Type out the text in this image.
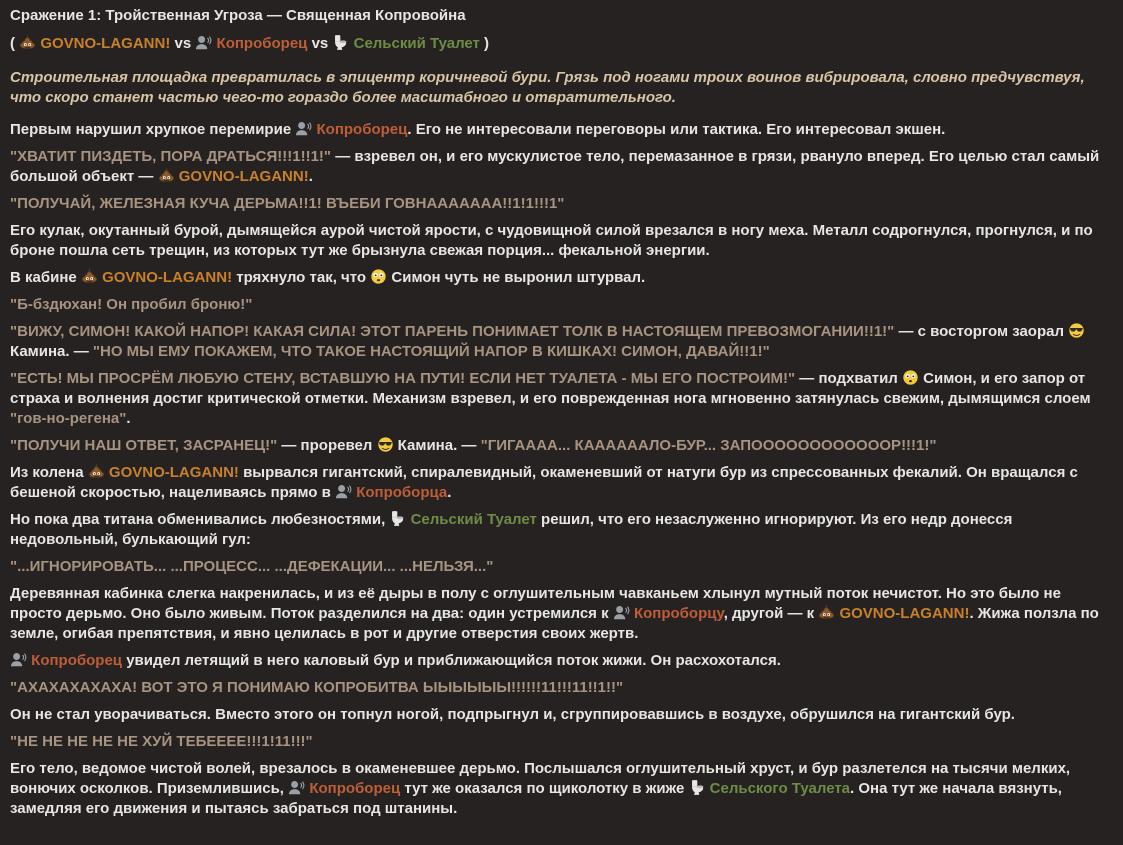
Сражение 1: Тройственная Угроза — Священная Копровойна

(
GOVNO-LAGANN! vs
Копроборец vs
Сельский Туалет )

Строительная площадка превратилась в эпицентр коричневой бури. Грязь под ногами троих воинов вибрировала, словно предчувствуя, что скоро станет частью чего-то гораздо более масштабного и отвратительного.

Первым нарушил хрупкое перемирие
Копроборец. Его не интересовали переговоры или тактика. Его интересовал экшен.

"ХВАТИТ ПИЗДЕТЬ, ПОРА ДРАТЬСЯ!!!1!!1!" — взревел он, и его мускулистое тело, перемазанное в грязи, рвануло вперед. Его целью стал самый большой объект —
GOVNO-LAGANN!.

"ПОЛУЧАЙ, ЖЕЛЕЗНАЯ КУЧА ДЕРЬМА!!1! ВЪЕБИ ГОВНААААААА!!1!1!!!1"

Его кулак, окутанный бурой, дымящейся аурой чистой ярости, с чудовищной силой врезался в ногу меха. Металл содрогнулся, прогнулся, и по броне пошла сеть трещин, из которых тут же брызнула свежая порция... фекальной энергии.

В кабине
GOVNO-LAGANN! тряхнуло так, что
Симон чуть не выронил штурвал.

"Б-бздюхан! Он пробил броню!"

"ВИЖУ, СИМОН! КАКОЙ НАПОР! КАКАЯ СИЛА! ЭТОТ ПАРЕНЬ ПОНИМАЕТ ТОЛК В НАСТОЯЩЕМ ПРЕВОЗМОГАНИИ!!1!" — с восторгом заорал
Камина. — "НО МЫ ЕМУ ПОКАЖЕМ, ЧТО ТАКОЕ НАСТОЯЩИЙ НАПОР В КИШКАХ! СИМОН, ДАВАЙ!!1!"

"ЕСТЬ! МЫ ПРОСРЁМ ЛЮБУЮ СТЕНУ, ВСТАВШУЮ НА ПУТИ! ЕСЛИ НЕТ ТУАЛЕТА - МЫ ЕГО ПОСТРОИМ!" — подхватил
Симон, и его запор от страха и волнения достиг критической отметки. Механизм взревел, и его поврежденная нога мгновенно затянулась свежим, дымящимся слоем "гов-но-регена".

"ПОЛУЧИ НАШ ОТВЕТ, ЗАСРАНЕЦ!" — проревел
Камина. — "ГИГАААА... КААААААЛО-БУР... ЗАПООООООООООООР!!!1!"

Из колена
GOVNO-LAGANN! вырвался гигантский, спиралевидный, окаменевший от натуги бур из спрессованных фекалий. Он вращался с бешеной скоростью, нацеливаясь прямо в
Копроборца.

Но пока два титана обменивались любезностями,
Сельский Туалет решил, что его незаслуженно игнорируют. Из его недр донесся недовольный, булькающий гул:

"...ИГНОРИРОВАТЬ... ...ПРОЦЕСС... ...ДЕФЕКАЦИИ... ...НЕЛЬЗЯ..."

Деревянная кабинка слегка накренилась, и из её дыры в полу с оглушительным чавканьем хлынул мутный поток нечистот. Но это было не просто дерьмо. Оно было живым. Поток разделился на два: один устремился к
Копроборцу, другой — к
GOVNO-LAGANN!. Жижа ползла по земле, огибая препятствия, и явно целилась в рот и другие отверстия своих жертв.

Копроборец увидел летящий в него каловый бур и приближающийся поток жижи. Он расхохотался.

"АХАХАХАХАХА! ВОТ ЭТО Я ПОНИМАЮ КОПРОБИТВА ЫЫЫЫЫЫ!!!!!!11!!!11!!1!!"

Он не стал уворачиваться. Вместо этого он топнул ногой, подпрыгнул и, сгруппировавшись в воздухе, обрушился на гигантский бур.

"НЕ НЕ НЕ НЕ НЕ ХУЙ ТЕБЕЕЕЕ!!!1!11!!!"

Его тело, ведомое чистой волей, врезалось в окаменевшее дерьмо. Послышался оглушительный хруст, и бур разлетелся на тысячи мелких, вонючих осколков. Приземлившись,
Копроборец тут же оказался по щиколотку в жиже
Сельского Туалета. Она тут же начала вязнуть, замедляя его движения и пытаясь забраться под штанины.
